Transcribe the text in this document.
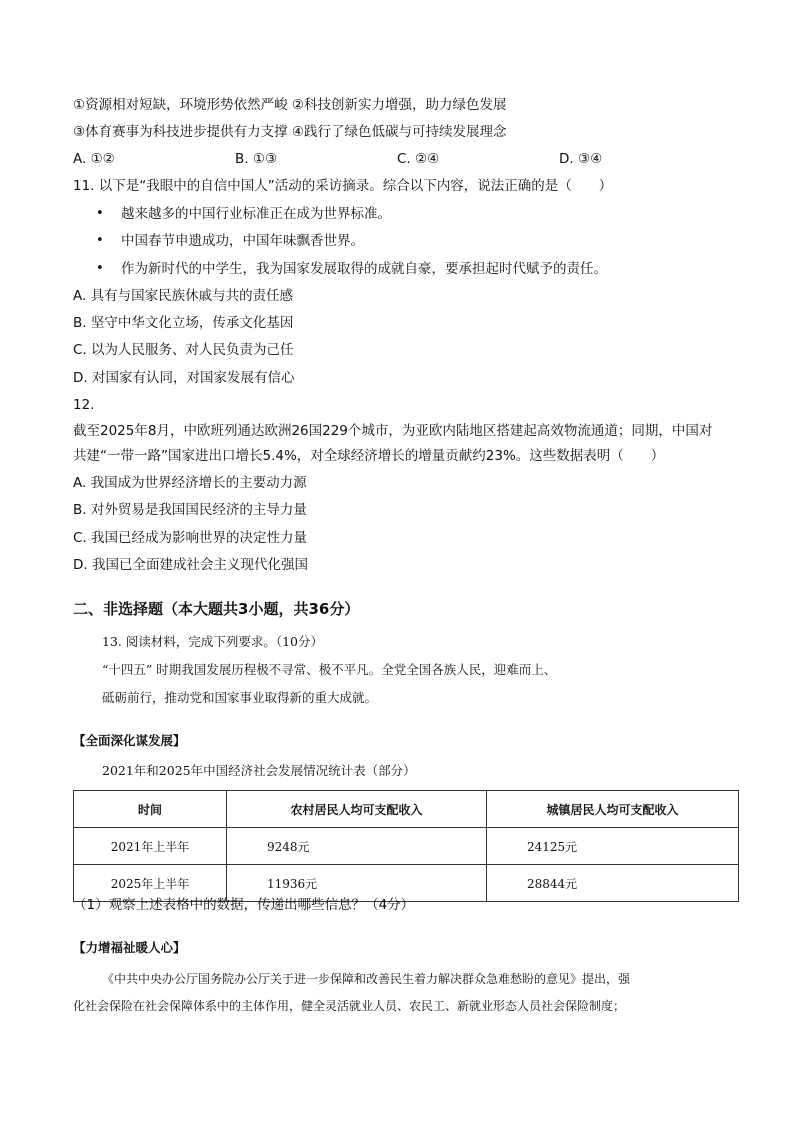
①资源相对短缺，环境形势依然严峻 ②科技创新实力增强，助力绿色发展
③体育赛事为科技进步提供有力支撑 ④践行了绿色低碳与可持续发展理念
A. ①②	B. ①③	C. ②④	D. ③④
11. 以下是“我眼中的自信中国人”活动的采访摘录。综合以下内容，说法正确的是（　　）
• 越来越多的中国行业标准正在成为世界标准。
• 中国春节申遗成功，中国年味飘香世界。
• 作为新时代的中学生，我为国家发展取得的成就自豪，要承担起时代赋予的责任。
A. 具有与国家民族休戚与共的责任感
B. 坚守中华文化立场，传承文化基因
C. 以为人民服务、对人民负责为己任
D. 对国家有认同，对国家发展有信心
12.
截至2025年8月，中欧班列通达欧洲26国229个城市，为亚欧内陆地区搭建起高效物流通道；同期，中国对
共建“一带一路”国家进出口增长5.4%，对全球经济增长的增量贡献约23%。这些数据表明（　　）
A. 我国成为世界经济增长的主要动力源
B. 对外贸易是我国国民经济的主导力量
C. 我国已经成为影响世界的决定性力量
D. 我国已全面建成社会主义现代化强国
二、非选择题（本大题共3小题，共36分）
13. 阅读材料，完成下列要求。（10分）
“十四五” 时期我国发展历程极不寻常、极不平凡。全党全国各族人民，迎难而上、
砥砺前行，推动党和国家事业取得新的重大成就。
【全面深化谋发展】
2021年和2025年中国经济社会发展情况统计表（部分）
时间	农村居民人均可支配收入	城镇居民人均可支配收入
2021年上半年	9248元	24125元
2025年上半年	11936元	28844元
（1）观察上述表格中的数据，传递出哪些信息？（4分）
【力增福祉暖人心】
《中共中央办公厅国务院办公厅关于进一步保障和改善民生着力解决群众急难愁盼的意见》提出，强
化社会保险在社会保障体系中的主体作用，健全灵活就业人员、农民工、新就业形态人员社会保险制度；
